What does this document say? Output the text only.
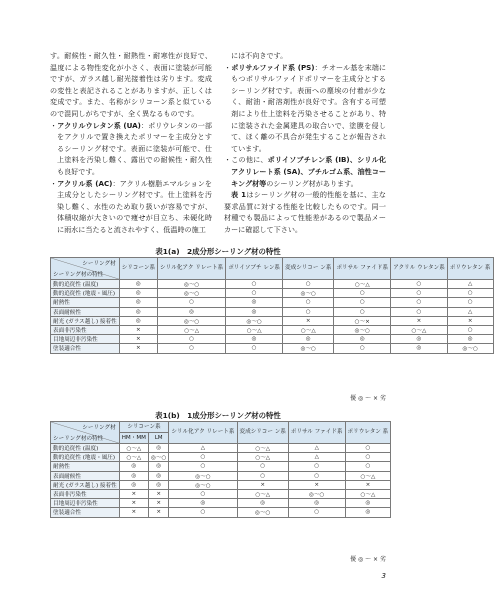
す。耐候性・耐久性・耐熱性・耐寒性が良好で、温度による物性変化が小さく、表面に塗装が可能ですが、ガラス越し耐光接着性は劣ります。変成の変性と表記されることがありますが、正しくは変成です。また、名称がシリコーン系と似ているので混同しがちですが、全く異なるものです。

・アクリルウレタン系 (UA)：ポリウレタンの一部をアクリルで置き換えたポリマーを主成分とするシーリング材です。表面に塗装が可能で、仕上塗料を汚染し難く、露出での耐候性・耐久性も良好です。

・アクリル系 (AC)：アクリル樹脂エマルションを主成分としたシーリング材です。仕上塗料を汚染し難く、水性のため取り扱いが容易ですが、体積収縮が大きいので痩せが目立ち、未硬化時に雨水に当たると流されやすく、低温時の施工

には不向きです。

・ポリサルファイド系 (PS)：チオール基を末端にもつポリサルファイドポリマーを主成分とするシーリング材です。表面への塵埃の付着が少なく、耐油・耐溶剤性が良好です。含有する可塑剤により仕上塗料を汚染させることがあり、特に塗装された金属建具の取合いで、塗膜を侵して、ほく離の不具合が発生することが報告されています。

・この他に、ポリイソブチレン系 (IB)、シリル化アクリレート系 (SA)、ブチルゴム系、油性コーキング材等のシーリング材があります。

表 1はシーリング材の一般的性能を基に、主な要求品質に対する性能を比較したものです。同一材種でも製品によって性能差があるので製品メーカーに確認して下さい。

表1(a)　2成分形シーリング材の特性
シーリング材
シーリング材の特性	シリコーン系	シリル化アク リレート系	ポリイソブチ レン系	変成シリコー ン系	ポリサル ファイド系	アクリル ウレタン系	ポリウレタン 系
動的追従性 (温度)	◎	◎〜○	○	○	○〜△	○	△
動的追従性 (地震・風圧)	◎	◎〜○	○	◎〜○	○	○	○
耐熱性	◎	○	◎	○	○	○	○
表面耐候性	◎	◎	◎	○	○	○	△
耐光 (ガラス越し) 接着性	◎	◎〜○	◎〜○	×	○〜×	×	×
表面非汚染性	×	○〜△	○〜△	○〜△	◎〜○	○〜△	○
目地周辺非汚染性	×	○	◎	◎	◎	◎	◎
塗装適合性	×	○	○	◎〜○	○	◎	◎〜○
優 ◎ 〜 × 劣
表1(b)　1成分形シーリング材の特性
シーリング材
シーリング材の特性	シリコーン系		シリル化アク リレート系	変成シリコー ン系	ポリサル ファイド系	ポリウレタン 系
	HM・MM	LM				
動的追従性 (温度)	○〜△	◎	△	○〜△	△	○
動的追従性 (地震・風圧)	○〜△	◎〜○	○	○〜△	△	○
耐熱性	◎	◎	○	○	○	○
表面耐候性	◎	◎	◎〜○	○	○	○〜△
耐光 (ガラス越し) 接着性	◎	◎	◎〜○	×	×	×
表面非汚染性	×	×	○	○〜△	◎〜○	○〜△
目地周辺非汚染性	×	×	◎	◎	◎	◎
塗装適合性	×	×	○	◎〜○	○	◎
優 ◎ 〜 × 劣
3
